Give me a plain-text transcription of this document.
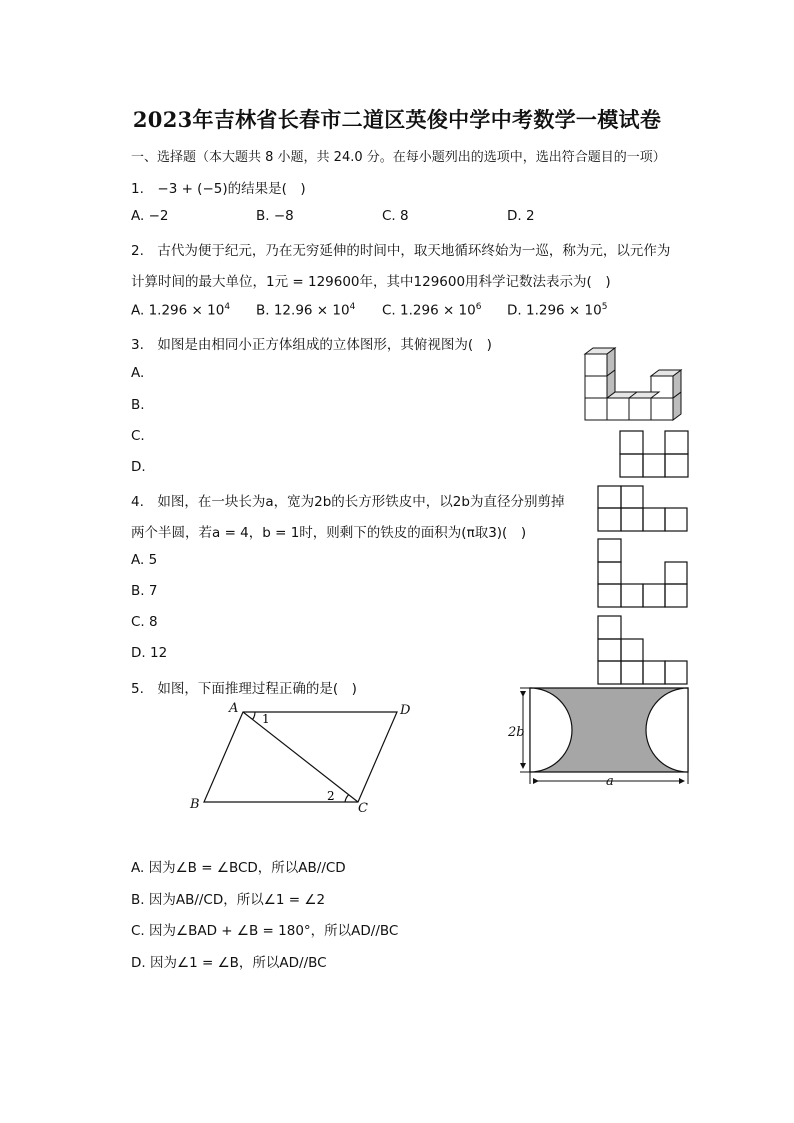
2023年吉林省长春市二道区英俊中学中考数学一模试卷
一、选择题（本大题共 8 小题，共 24.0 分。在每小题列出的选项中，选出符合题目的一项）
1.　−3 + (−5)的结果是(　)
A. −2	B. −8	C. 8	D. 2
2.　古代为便于纪元，乃在无穷延伸的时间中，取天地循环终始为一巡，称为元，以元作为
计算时间的最大单位，1元 = 129600年，其中129600用科学记数法表示为(　)
A. $1.296 \times 10^4$ B. $12.96 \times 10^4$ C. $1.296 \times 10^6$ D. $1.296 \times 10^5$
3.　如图是由相同小正方体组成的立体图形，其俯视图为(　)
A.
B.
C.
D.
4.　如图，在一块长为a，宽为2b的长方形铁皮中，以2b为直径分别剪掉
两个半圆，若a = 4，b = 1时，则剩下的铁皮的面积为(π取3)(　)
A. 5
B. 7
C. 8
D. 12
2b
a
5.　如图，下面推理过程正确的是(　)
A	D
B	C
1
2
A. 因为∠B = ∠BCD，所以AB//CD
B. 因为AB//CD，所以∠1 = ∠2
C. 因为∠BAD + ∠B = 180°，所以AD//BC
D. 因为∠1 = ∠B，所以AD//BC
